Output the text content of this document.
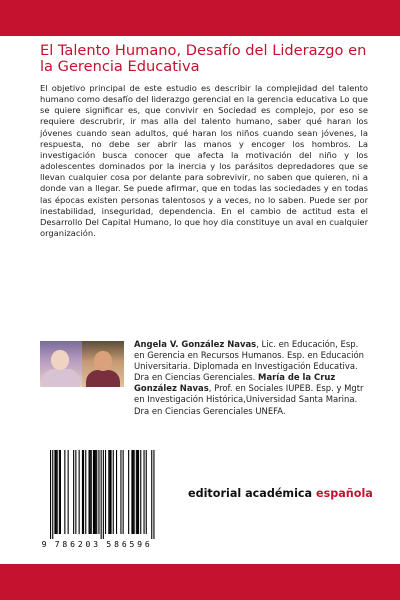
El Talento Humano, Desafío del Liderazgo en la Gerencia Educativa

El objetivo principal de este estudio es describir la complejidad del talento humano como desafío del liderazgo gerencial en la gerencia educativa Lo que se quiere significar es, que convivir en Sociedad es complejo, por eso se requiere descrubrir, ir mas alla del talento humano, saber qué haran los jóvenes cuando sean adultos, qué haran los niños cuando sean jóvenes, la respuesta, no debe ser abrir las manos y encoger los hombros. La investigación busca conocer que afecta la motivación del niño y los adolescentes dominados por la inercia y los parásitos depredadores que se llevan cualquier cosa por delante para sobrevivir, no saben que quieren, ni a donde van a llegar. Se puede afirmar, que en todas las sociedades y en todas las épocas existen personas talentosos y a veces, no lo saben. Puede ser por inestabilidad, inseguridad, dependencia. En el cambio de actitud esta el Desarrollo Del Capital Humano, lo que hoy dia constituye un aval en cualquier organización.

Angela V. González Navas, Lic. en Educación, Esp. en Gerencia en Recursos Humanos. Esp. en Educación Universitaria. Diplomada en Investigación Educativa. Dra en Ciencias Gerenciales. María de la Cruz González Navas, Prof. en Sociales IUPEB. Esp. y Mgtr en Investigación Histórica,Universidad Santa Marina. Dra en Ciencias Gerenciales UNEFA.

9 7 8 6 2 0 3 5 8 6 5 9 6

editorial académica española
